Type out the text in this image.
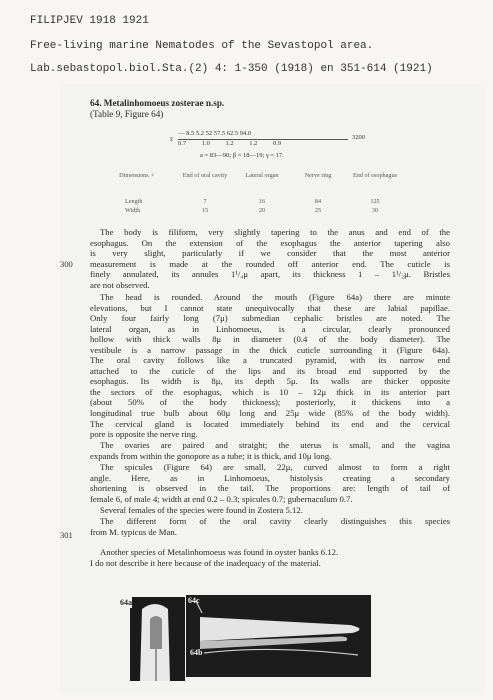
FILIPJEV 1918 1921
Free-living marine Nematodes of the Sevastopol area.
Lab.sebastopol.biol.Sta.(2) 4: 1-350 (1918) en 351-614 (1921)
64. Metalinhomoeus zosterae n.sp.
(Table 9, Figure 64)
♀
— 8.5 5.2 52 57.5 62.5 94.0
0.7 1.0 1.2 1.2 0.9
3200
a = 83—90; β = 18—19; γ = 17.
Dimensions ♀	End of oral cavity	Lateral organ	Nerve ring	End of esophagus
Length	7	16	84	125
Width	15	20	25	30
The body is filiform, very slightly tapering to the anus and end of the
esophagus. On the extension of the esophagus the anterior tapering also
is very slight, particularly if we consider that the most anterior
measurement is made at the rounded off anterior end. The cuticle is
finely annulated, its annules 1¹/₄μ apart, its thickness 1 – 1¹/₂μ. Bristles
are not observed.
300
The head is rounded. Around the mouth (Figure 64a) there are minute
elevations, but I cannot state unequivocally that these are labial papillae.
Only four fairly long (7μ) submedian cephalic bristles are noted. The
lateral organ, as in Linhomoeus, is a circular, clearly pronounced
hollow with thick walls 8μ in diameter (0.4 of the body diameter). The
vestibule is a narrow passage in the thick cuticle surrounding it (Figure 64a).
The oral cavity follows like a truncated pyramid, with its narrow end
attached to the cuticle of the lips and its broad end supported by the
esophagus. Its width is 8μ, its depth 5μ. Its walls are thicker opposite
the sectors of the esophagus, which is 10 – 12μ thick in its anterior part
(about 50% of the body thickness); posteriorly, it thickens into a
longitudinal true bulb about 60μ long and 25μ wide (85% of the body width).
The cervical gland is located immediately behind its end and the cervical
pore is opposite the nerve ring.
The ovaries are paired and straight; the uterus is small, and the vagina
expands from within the gonopore as a tube; it is thick, and 10μ long.
The spicules (Figure 64) are small, 22μ, curved almost to form a right
angle. Here, as in Linhomoeus, histolysis creating a secondary
shortening is observed in the tail. The proportions are: length of tail of
female 6, of male 4; width at end 0.2 – 0.3; spicules 0.7; gubernaculum 0.7.
Several females of the species were found in Zostera 5.12.
The different form of the oral cavity clearly distinguishes this species
from M. typicus de Man.
301
Another species of Metalinhomoeus was found in oyster banks 6.12.
I do not describe it here because of the inadequacy of the material.
64a	64c
64b
